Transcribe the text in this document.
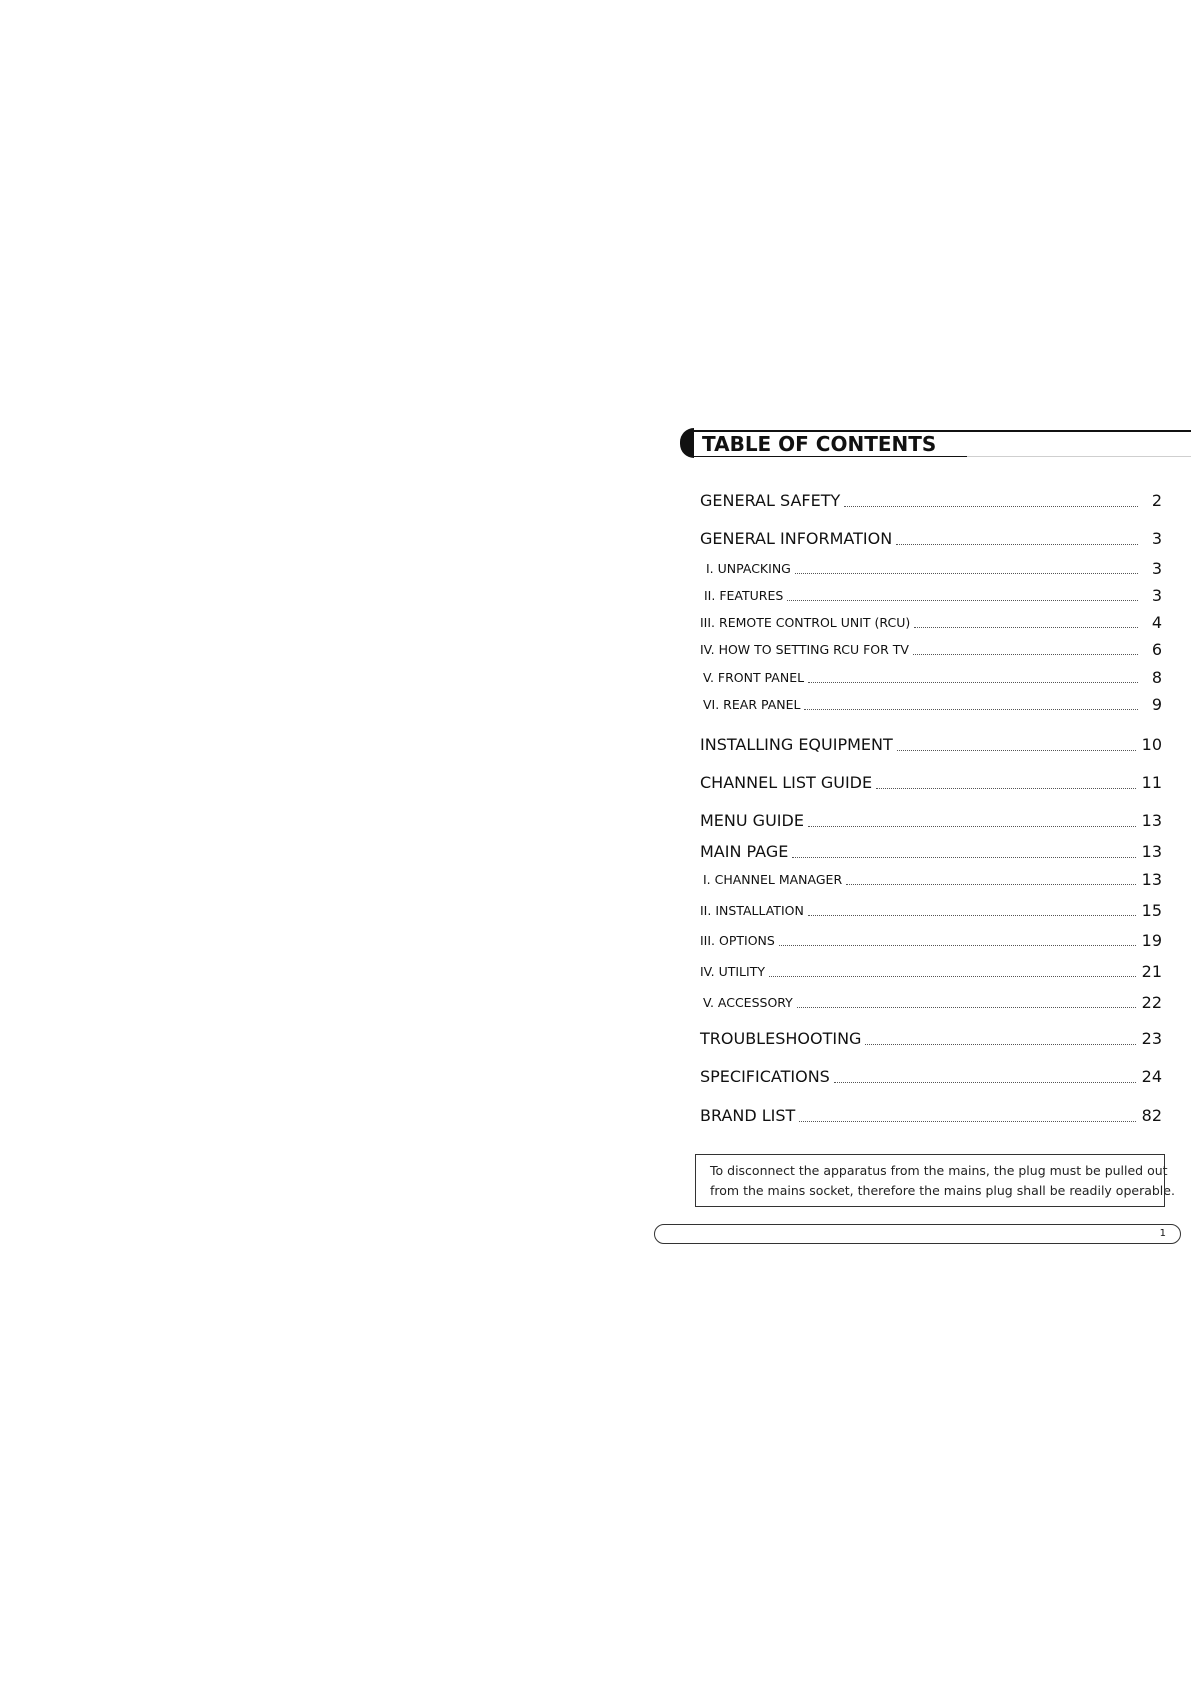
TABLE OF CONTENTS
GENERAL SAFETY	2
GENERAL INFORMATION	3
I. UNPACKING	3
II. FEATURES	3
III. REMOTE CONTROL UNIT (RCU)	4
IV. HOW TO SETTING RCU FOR TV	6
V. FRONT PANEL	8
VI. REAR PANEL	9
INSTALLING EQUIPMENT	10
CHANNEL LIST GUIDE	11
MENU GUIDE	13
MAIN PAGE	13
I. CHANNEL MANAGER	13
II. INSTALLATION	15
III. OPTIONS	19
IV. UTILITY	21
V. ACCESSORY	22
TROUBLESHOOTING	23
SPECIFICATIONS	24
BRAND LIST	82
To disconnect the apparatus from the mains, the plug must be pulled out
from the mains socket, therefore the mains plug shall be readily operable.
1
